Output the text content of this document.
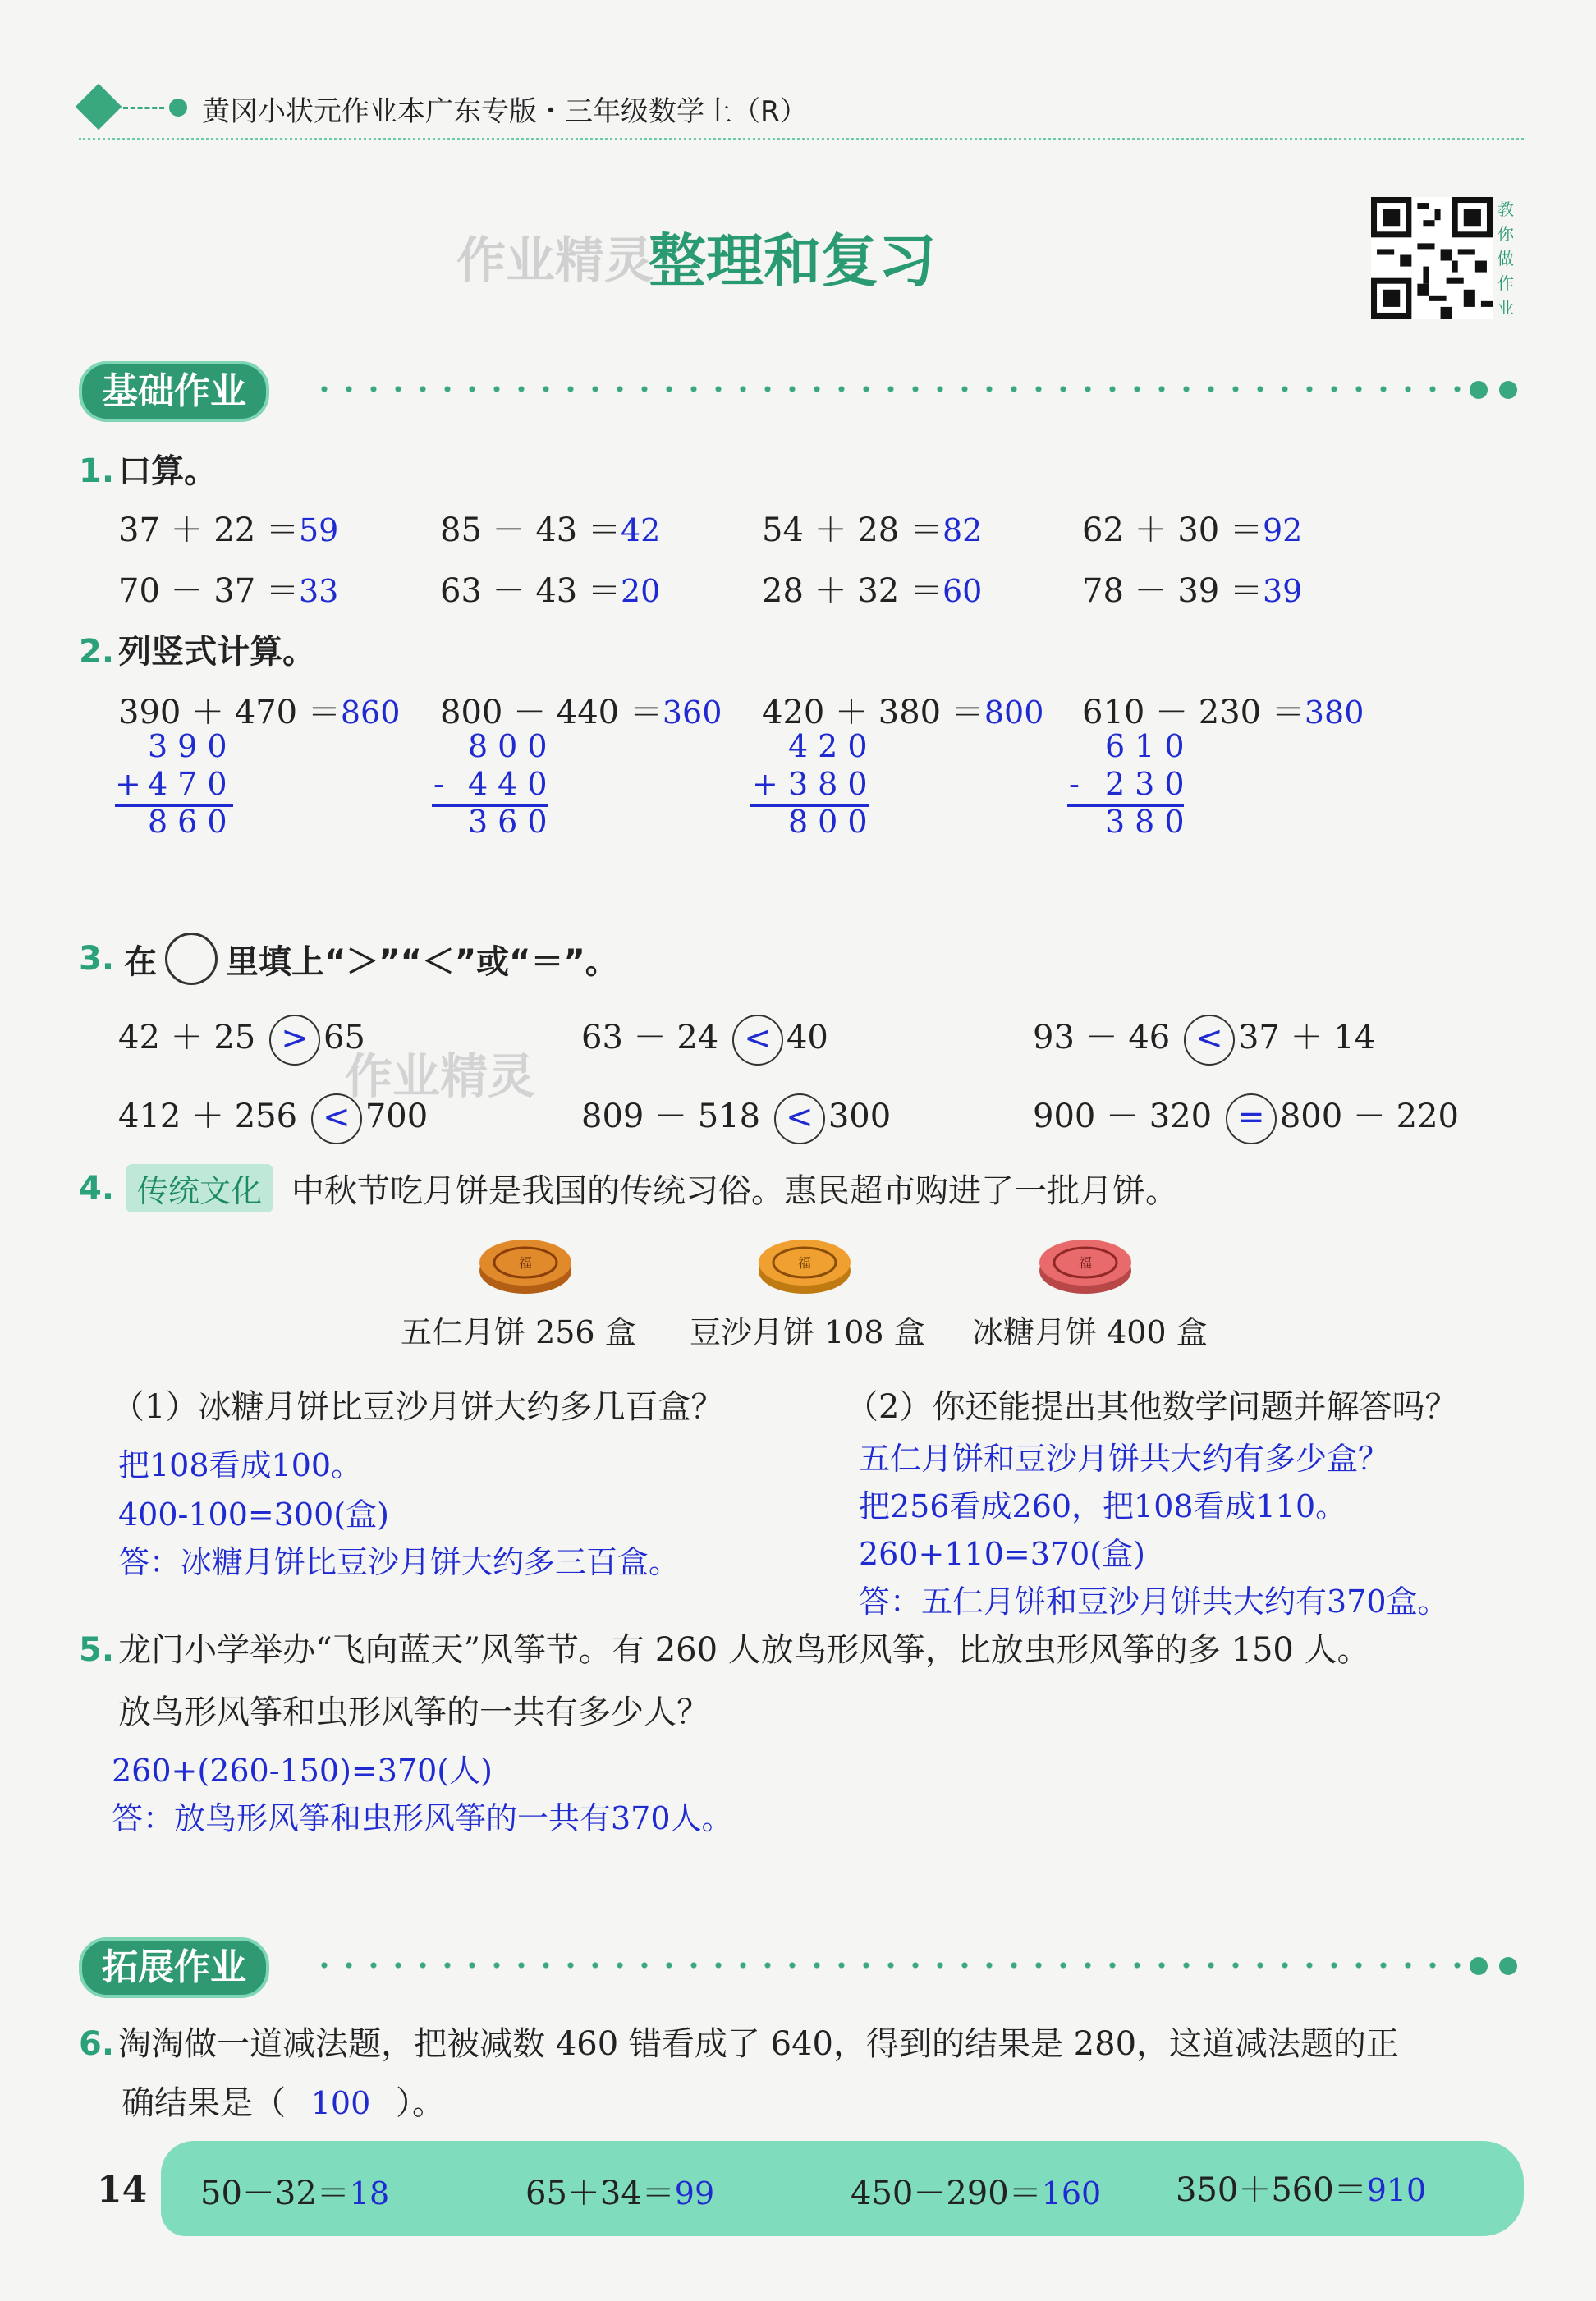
黄冈小状元作业本广东专版・三年级数学上（R）
作业精灵
整理和复习
教你做作业
基础作业
1. 口算。
37 ＋ 22 ＝59	85 － 43 ＝42	54 ＋ 28 ＝82	62 ＋ 30 ＝92
70 － 37 ＝33	63 － 43 ＝20	28 ＋ 32 ＝60	78 － 39 ＝39
2. 列竖式计算。
390 ＋ 470 ＝860 800 － 440 ＝360 420 ＋ 380 ＝800 610 － 230 ＝380
390
+
470
860
800
- 440
360
420
+ 380
800
610
- 230
380
3. 在 里填上“＞”“＜”或“＝”。
42 ＋ 25 > 65	63 － 24 < 40	93 － 46 < 37 ＋ 14
412 ＋ 256 < 700	809 － 518 < 300	900 － 320 = 800 － 220
作业精灵
4. 传统文化 中秋节吃月饼是我国的传统习俗。惠民超市购进了一批月饼。
福	福	福
五仁月饼 256 盒 豆沙月饼 108 盒 冰糖月饼 400 盒
（1）冰糖月饼比豆沙月饼大约多几百盒？
把108看成100。
400-100=300(盒)
答：冰糖月饼比豆沙月饼大约多三百盒。
（2）你还能提出其他数学问题并解答吗？
五仁月饼和豆沙月饼共大约有多少盒？
把256看成260，把108看成110。
260+110=370(盒)
答：五仁月饼和豆沙月饼共大约有370盒。
5. 龙门小学举办“飞向蓝天”风筝节。有 260 人放鸟形风筝，比放虫形风筝的多 150 人。
放鸟形风筝和虫形风筝的一共有多少人？
260+(260-150)=370(人)
答：放鸟形风筝和虫形风筝的一共有370人。
拓展作业
6. 淘淘做一道减法题，把被减数 460 错看成了 640，得到的结果是 280，这道减法题的正
确结果是（ 100 ）。
14 50－32＝18	65＋34＝99	450－290＝160 350＋560＝910
